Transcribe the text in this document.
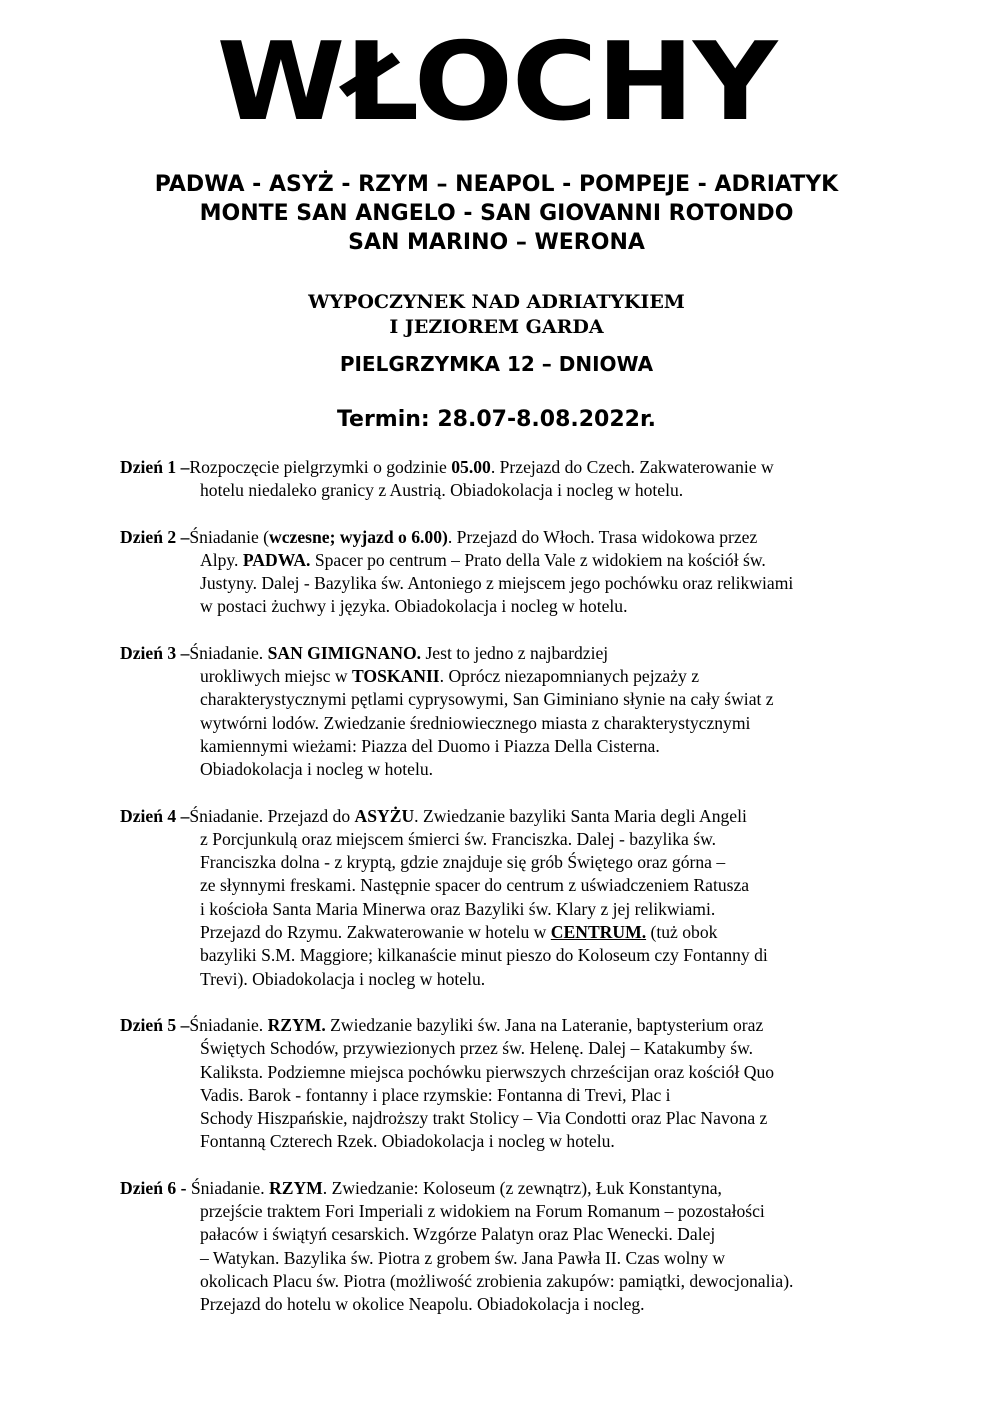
WŁOCHY
PADWA - ASYŻ - RZYM – NEAPOL - POMPEJE - ADRIATYK
MONTE SAN ANGELO - SAN GIOVANNI ROTONDO
SAN MARINO – WERONA
WYPOCZYNEK NAD ADRIATYKIEM
I JEZIOREM GARDA
PIELGRZYMKA 12 – DNIOWA
Termin: 28.07-8.08.2022r.
Dzień 1 –Rozpoczęcie pielgrzymki o godzinie 05.00. Przejazd do Czech. Zakwaterowanie w
hotelu niedaleko granicy z Austrią. Obiadokolacja i nocleg w hotelu.
Dzień 2 –Śniadanie (wczesne; wyjazd o 6.00). Przejazd do Włoch. Trasa widokowa przez
Alpy. PADWA. Spacer po centrum – Prato della Vale z widokiem na kościół św.
Justyny. Dalej - Bazylika św. Antoniego z miejscem jego pochówku oraz relikwiami
w postaci żuchwy i języka. Obiadokolacja i nocleg w hotelu.
Dzień 3 –Śniadanie. SAN GIMIGNANO. Jest to jedno z najbardziej
urokliwych miejsc w TOSKANII. Oprócz niezapomnianych pejzaży z
charakterystycznymi pętlami cyprysowymi, San Giminiano słynie na cały świat z
wytwórni lodów. Zwiedzanie średniowiecznego miasta z charakterystycznymi
kamiennymi wieżami: Piazza del Duomo i Piazza Della Cisterna.
Obiadokolacja i nocleg w hotelu.
Dzień 4 –Śniadanie. Przejazd do ASYŻU. Zwiedzanie bazyliki Santa Maria degli Angeli
z Porcjunkulą oraz miejscem śmierci św. Franciszka. Dalej - bazylika św.
Franciszka dolna - z kryptą, gdzie znajduje się grób Świętego oraz górna –
ze słynnymi freskami. Następnie spacer do centrum z uświadczeniem Ratusza
i kościoła Santa Maria Minerwa oraz Bazyliki św. Klary z jej relikwiami.
Przejazd do Rzymu. Zakwaterowanie w hotelu w CENTRUM. (tuż obok
bazyliki S.M. Maggiore; kilkanaście minut pieszo do Koloseum czy Fontanny di
Trevi). Obiadokolacja i nocleg w hotelu.
Dzień 5 –Śniadanie. RZYM. Zwiedzanie bazyliki św. Jana na Lateranie, baptysterium oraz
Świętych Schodów, przywiezionych przez św. Helenę. Dalej – Katakumby św.
Kaliksta. Podziemne miejsca pochówku pierwszych chrześcijan oraz kościół Quo
Vadis. Barok - fontanny i place rzymskie: Fontanna di Trevi, Plac i
Schody Hiszpańskie, najdroższy trakt Stolicy – Via Condotti oraz Plac Navona z
Fontanną Czterech Rzek. Obiadokolacja i nocleg w hotelu.
Dzień 6 - Śniadanie. RZYM. Zwiedzanie: Koloseum (z zewnątrz), Łuk Konstantyna,
przejście traktem Fori Imperiali z widokiem na Forum Romanum – pozostałości
pałaców i świątyń cesarskich. Wzgórze Palatyn oraz Plac Wenecki. Dalej
– Watykan. Bazylika św. Piotra z grobem św. Jana Pawła II. Czas wolny w
okolicach Placu św. Piotra (możliwość zrobienia zakupów: pamiątki, dewocjonalia).
Przejazd do hotelu w okolice Neapolu. Obiadokolacja i nocleg.
